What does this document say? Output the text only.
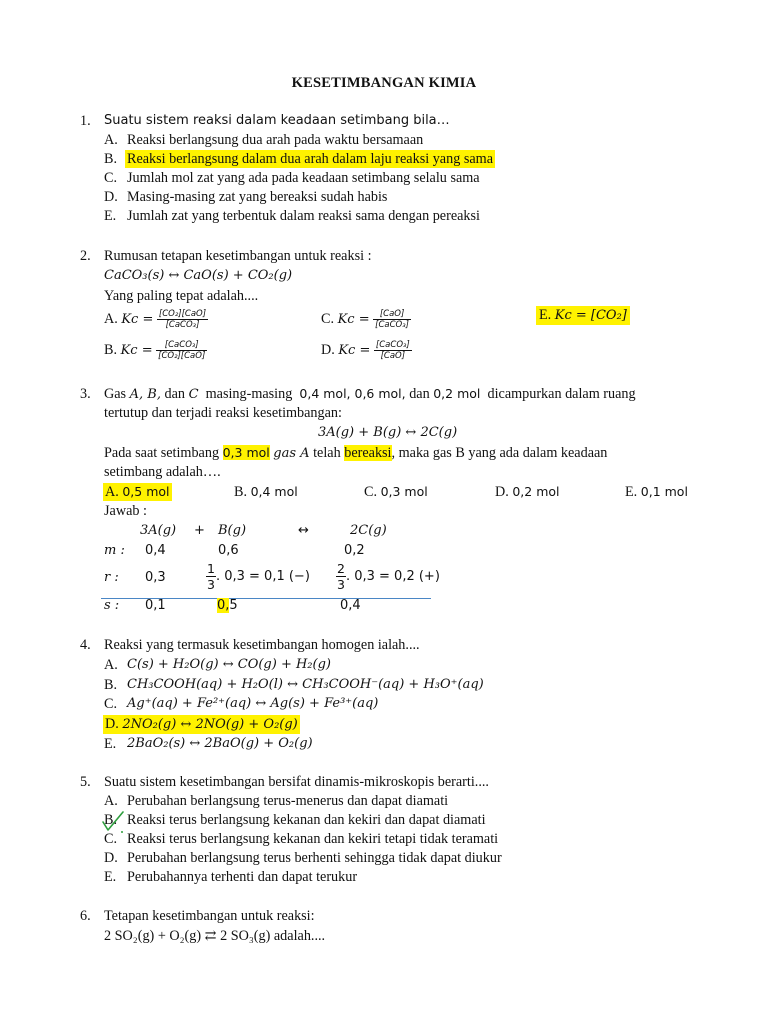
KESETIMBANGAN KIMIA
1. Suatu sistem reaksi dalam keadaan setimbang bila…
A. Reaksi berlangsung dua arah pada waktu bersamaan
B. Reaksi berlangsung dalam dua arah dalam laju reaksi yang sama
C. Jumlah mol zat yang ada pada keadaan setimbang selalu sama
D. Masing-masing zat yang bereaksi sudah habis
E. Jumlah zat yang terbentuk dalam reaksi sama dengan pereaksi
2. Rumusan tetapan kesetimbangan untuk reaksi :
CaCO₃(s) ↔ CaO(s) + CO₂(g)
Yang paling tepat adalah....
A. $Kc = \frac{\text{[CO₂][CaO]}}{\text{[CaCO₃]}}$	C. $Kc = \frac{\text{[CaO]}}{\text{[CaCO₃]}}$	E. Kc = [CO₂]
B. $Kc = \frac{\text{[CaCO₃]}}{\text{[CO₂][CaO]}}$	D. $Kc = \frac{\text{[CaCO₃]}}{\text{[CaO]}}$
3. Gas A, B, dan C masing-masing 0,4 mol, 0,6 mol, dan 0,2 mol dicampurkan dalam ruang
tertutup dan terjadi reaksi kesetimbangan:
3A(g) + B(g) ↔ 2C(g)
Pada saat setimbang 0,3 mol gas A telah bereaksi, maka gas B yang ada dalam keadaan
setimbang adalah….
A. 0,5 mol	B. 0,4 mol	C. 0,3 mol	D. 0,2 mol	E. 0,1 mol
Jawab :
3A(g) + B(g)	↔	2C(g)
m : 0,4	0,6	0,2
r : 0,3	$\frac{1}{3}$ . 0,3 = 0,1 (−) $\frac{2}{3}$ . 0,3 = 0,2 (+)
s : 0,1	0,5	0,4
4. Reaksi yang termasuk kesetimbangan homogen ialah....
A. C(s) + H₂O(g) ↔ CO(g) + H₂(g)
B. CH₃COOH(aq) + H₂O(l) ↔ CH₃COOH⁻(aq) + H₃O⁺(aq)
C. Ag⁺(aq) + Fe²⁺(aq) ↔ Ag(s) + Fe³⁺(aq)
D. 2NO₂(g) ↔ 2NO(g) + O₂(g)
E. 2BaO₂(s) ↔ 2BaO(g) + O₂(g)
5. Suatu sistem kesetimbangan bersifat dinamis-mikroskopis berarti....
A. Perubahan berlangsung terus-menerus dan dapat diamati
B. Reaksi terus berlangsung kekanan dan kekiri dan dapat diamati
C. Reaksi terus berlangsung kekanan dan kekiri tetapi tidak teramati
D. Perubahan berlangsung terus berhenti sehingga tidak dapat diukur
E. Perubahannya terhenti dan dapat terukur
6. Tetapan kesetimbangan untuk reaksi:
2 SO₂(g) + O₂(g) ⇄ 2 SO₃(g) adalah....
